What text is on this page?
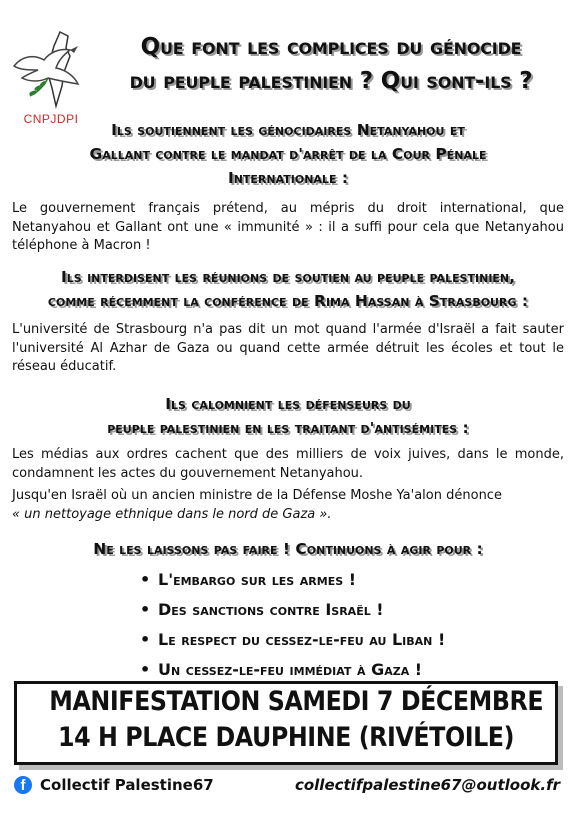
CNPJDPI
Que font les complices du génocide
du peuple palestinien ? Qui sont-ils ?
Ils soutiennent les génocidaires Netanyahou et
Gallant contre le mandat d'arrêt de la Cour Pénale
Internationale :

Le gouvernement français prétend, au mépris du droit international, que Netanyahou et Gallant ont une « immunité » : il a suffi pour cela que Netanyahou téléphone à Macron !

Ils interdisent les réunions de soutien au peuple palestinien,
comme récemment la conférence de Rima Hassan à Strasbourg :

L'université de Strasbourg n'a pas dit un mot quand l'armée d'Israël a fait sauter l'université Al Azhar de Gaza ou quand cette armée détruit les écoles et tout le réseau éducatif.

Ils calomnient les défenseurs du
peuple palestinien en les traitant d'antisémites :

Les médias aux ordres cachent que des milliers de voix juives, dans le monde, condamnent les actes du gouvernement Netanyahou.

Jusqu'en Israël où un ancien ministre de la Défense Moshe Ya'alon dénonce

« un nettoyage ethnique dans le nord de Gaza ».

Ne les laissons pas faire ! Continuons à agir pour :
• L'embargo sur les armes !
• Des sanctions contre Israël !
• Le respect du cessez-le-feu au Liban !
• Un cessez-le-feu immédiat à Gaza !
MANIFESTATION SAMEDI 7 DÉCEMBRE
14 H PLACE DAUPHINE (RIVÉTOILE)
f Collectif Palestine67	collectifpalestine67@outlook.fr
